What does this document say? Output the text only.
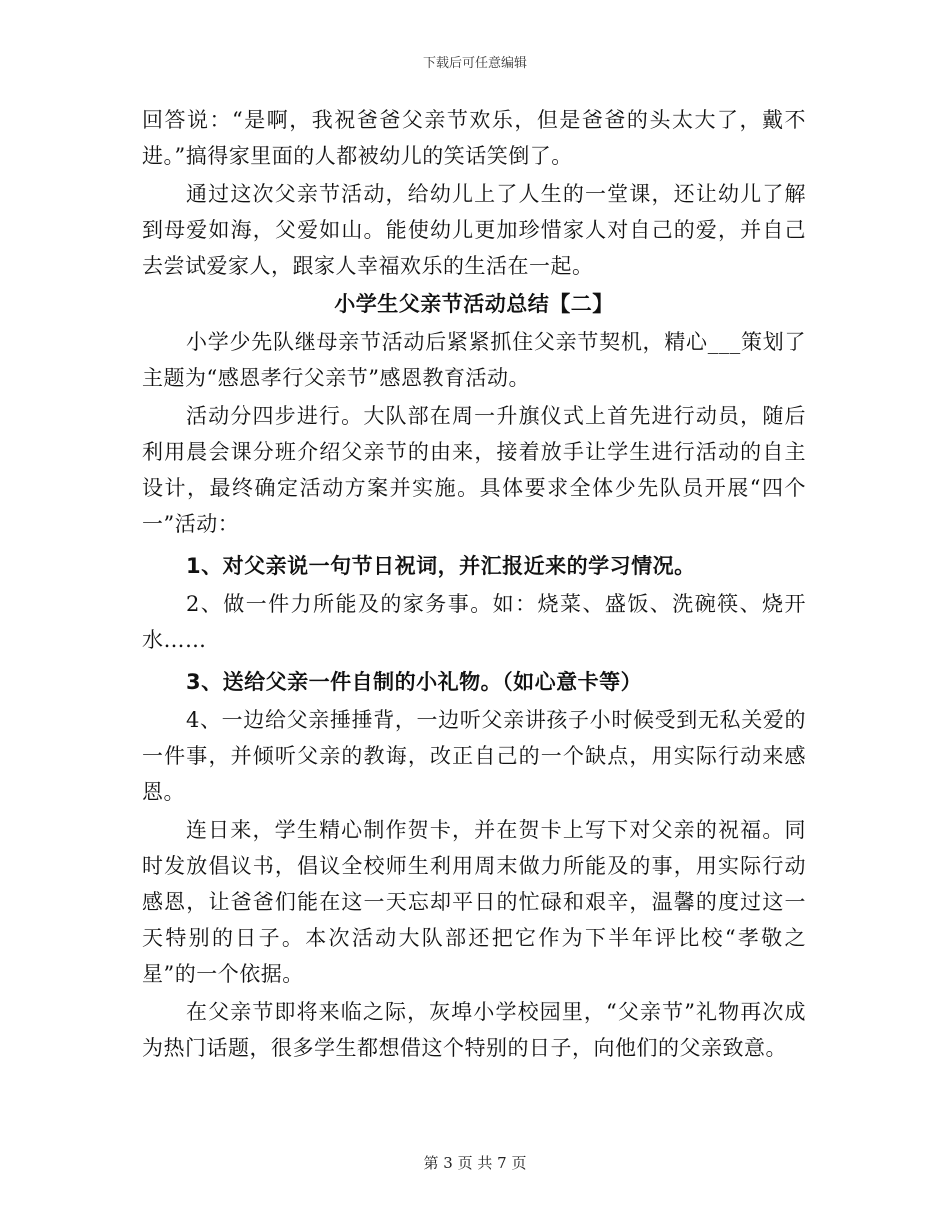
下载后可任意编辑

回答说：“是啊，我祝爸爸父亲节欢乐，但是爸爸的头太大了，戴不进。”搞得家里面的人都被幼儿的笑话笑倒了。

通过这次父亲节活动，给幼儿上了人生的一堂课，还让幼儿了解到母爱如海，父爱如山。能使幼儿更加珍惜家人对自己的爱，并自己去尝试爱家人，跟家人幸福欢乐的生活在一起。

小学生父亲节活动总结【二】

小学少先队继母亲节活动后紧紧抓住父亲节契机，精心___策划了主题为“感恩孝行父亲节”感恩教育活动。

活动分四步进行。大队部在周一升旗仪式上首先进行动员，随后利用晨会课分班介绍父亲节的由来，接着放手让学生进行活动的自主设计，最终确定活动方案并实施。具体要求全体少先队员开展“四个一”活动：

1、对父亲说一句节日祝词，并汇报近来的学习情况。

2、做一件力所能及的家务事。如：烧菜、盛饭、洗碗筷、烧开水……

3、送给父亲一件自制的小礼物。（如心意卡等）

4、一边给父亲捶捶背，一边听父亲讲孩子小时候受到无私关爱的一件事，并倾听父亲的教诲，改正自己的一个缺点，用实际行动来感恩。

连日来，学生精心制作贺卡，并在贺卡上写下对父亲的祝福。同时发放倡议书，倡议全校师生利用周末做力所能及的事，用实际行动感恩，让爸爸们能在这一天忘却平日的忙碌和艰辛，温馨的度过这一天特别的日子。本次活动大队部还把它作为下半年评比校“孝敬之星”的一个依据。

在父亲节即将来临之际，灰埠小学校园里，“父亲节”礼物再次成为热门话题，很多学生都想借这个特别的日子，向他们的父亲致意。

第 3 页 共 7 页
